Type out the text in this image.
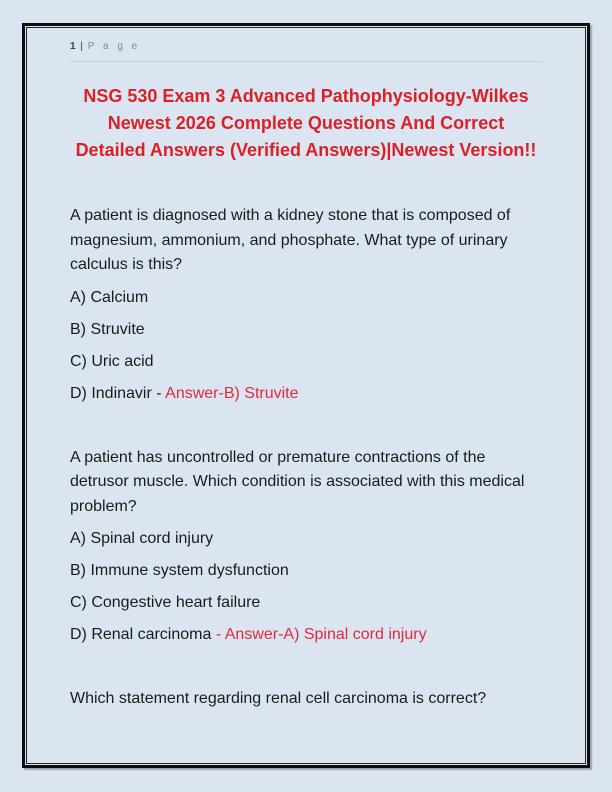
1 | P a g e
NSG 530 Exam 3 Advanced Pathophysiology-Wilkes
Newest 2026 Complete Questions And Correct
Detailed Answers (Verified Answers)|Newest Version!!

A patient is diagnosed with a kidney stone that is composed of magnesium, ammonium, and phosphate. What type of urinary calculus is this?

A) Calcium

B) Struvite

C) Uric acid

D) Indinavir - Answer-B) Struvite

A patient has uncontrolled or premature contractions of the detrusor muscle. Which condition is associated with this medical problem?

A) Spinal cord injury

B) Immune system dysfunction

C) Congestive heart failure

D) Renal carcinoma - Answer-A) Spinal cord injury

Which statement regarding renal cell carcinoma is correct?
